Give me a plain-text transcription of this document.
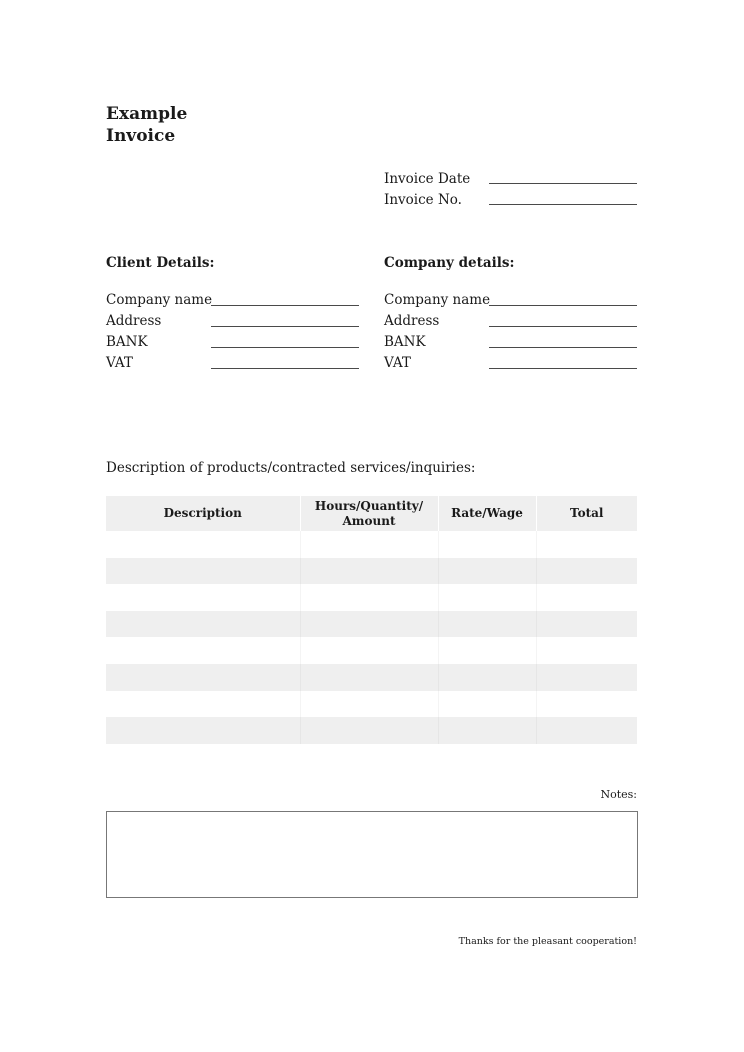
Example
Invoice
Invoice Date
Invoice No.
Client Details:
Company name
Address
BANK
VAT
Company details:
Company name
Address
BANK
VAT
Description of products/contracted services/inquiries:
Description	Hours/Quantity/ Amount	Rate/Wage	Total

Notes:
Thanks for the pleasant cooperation!
